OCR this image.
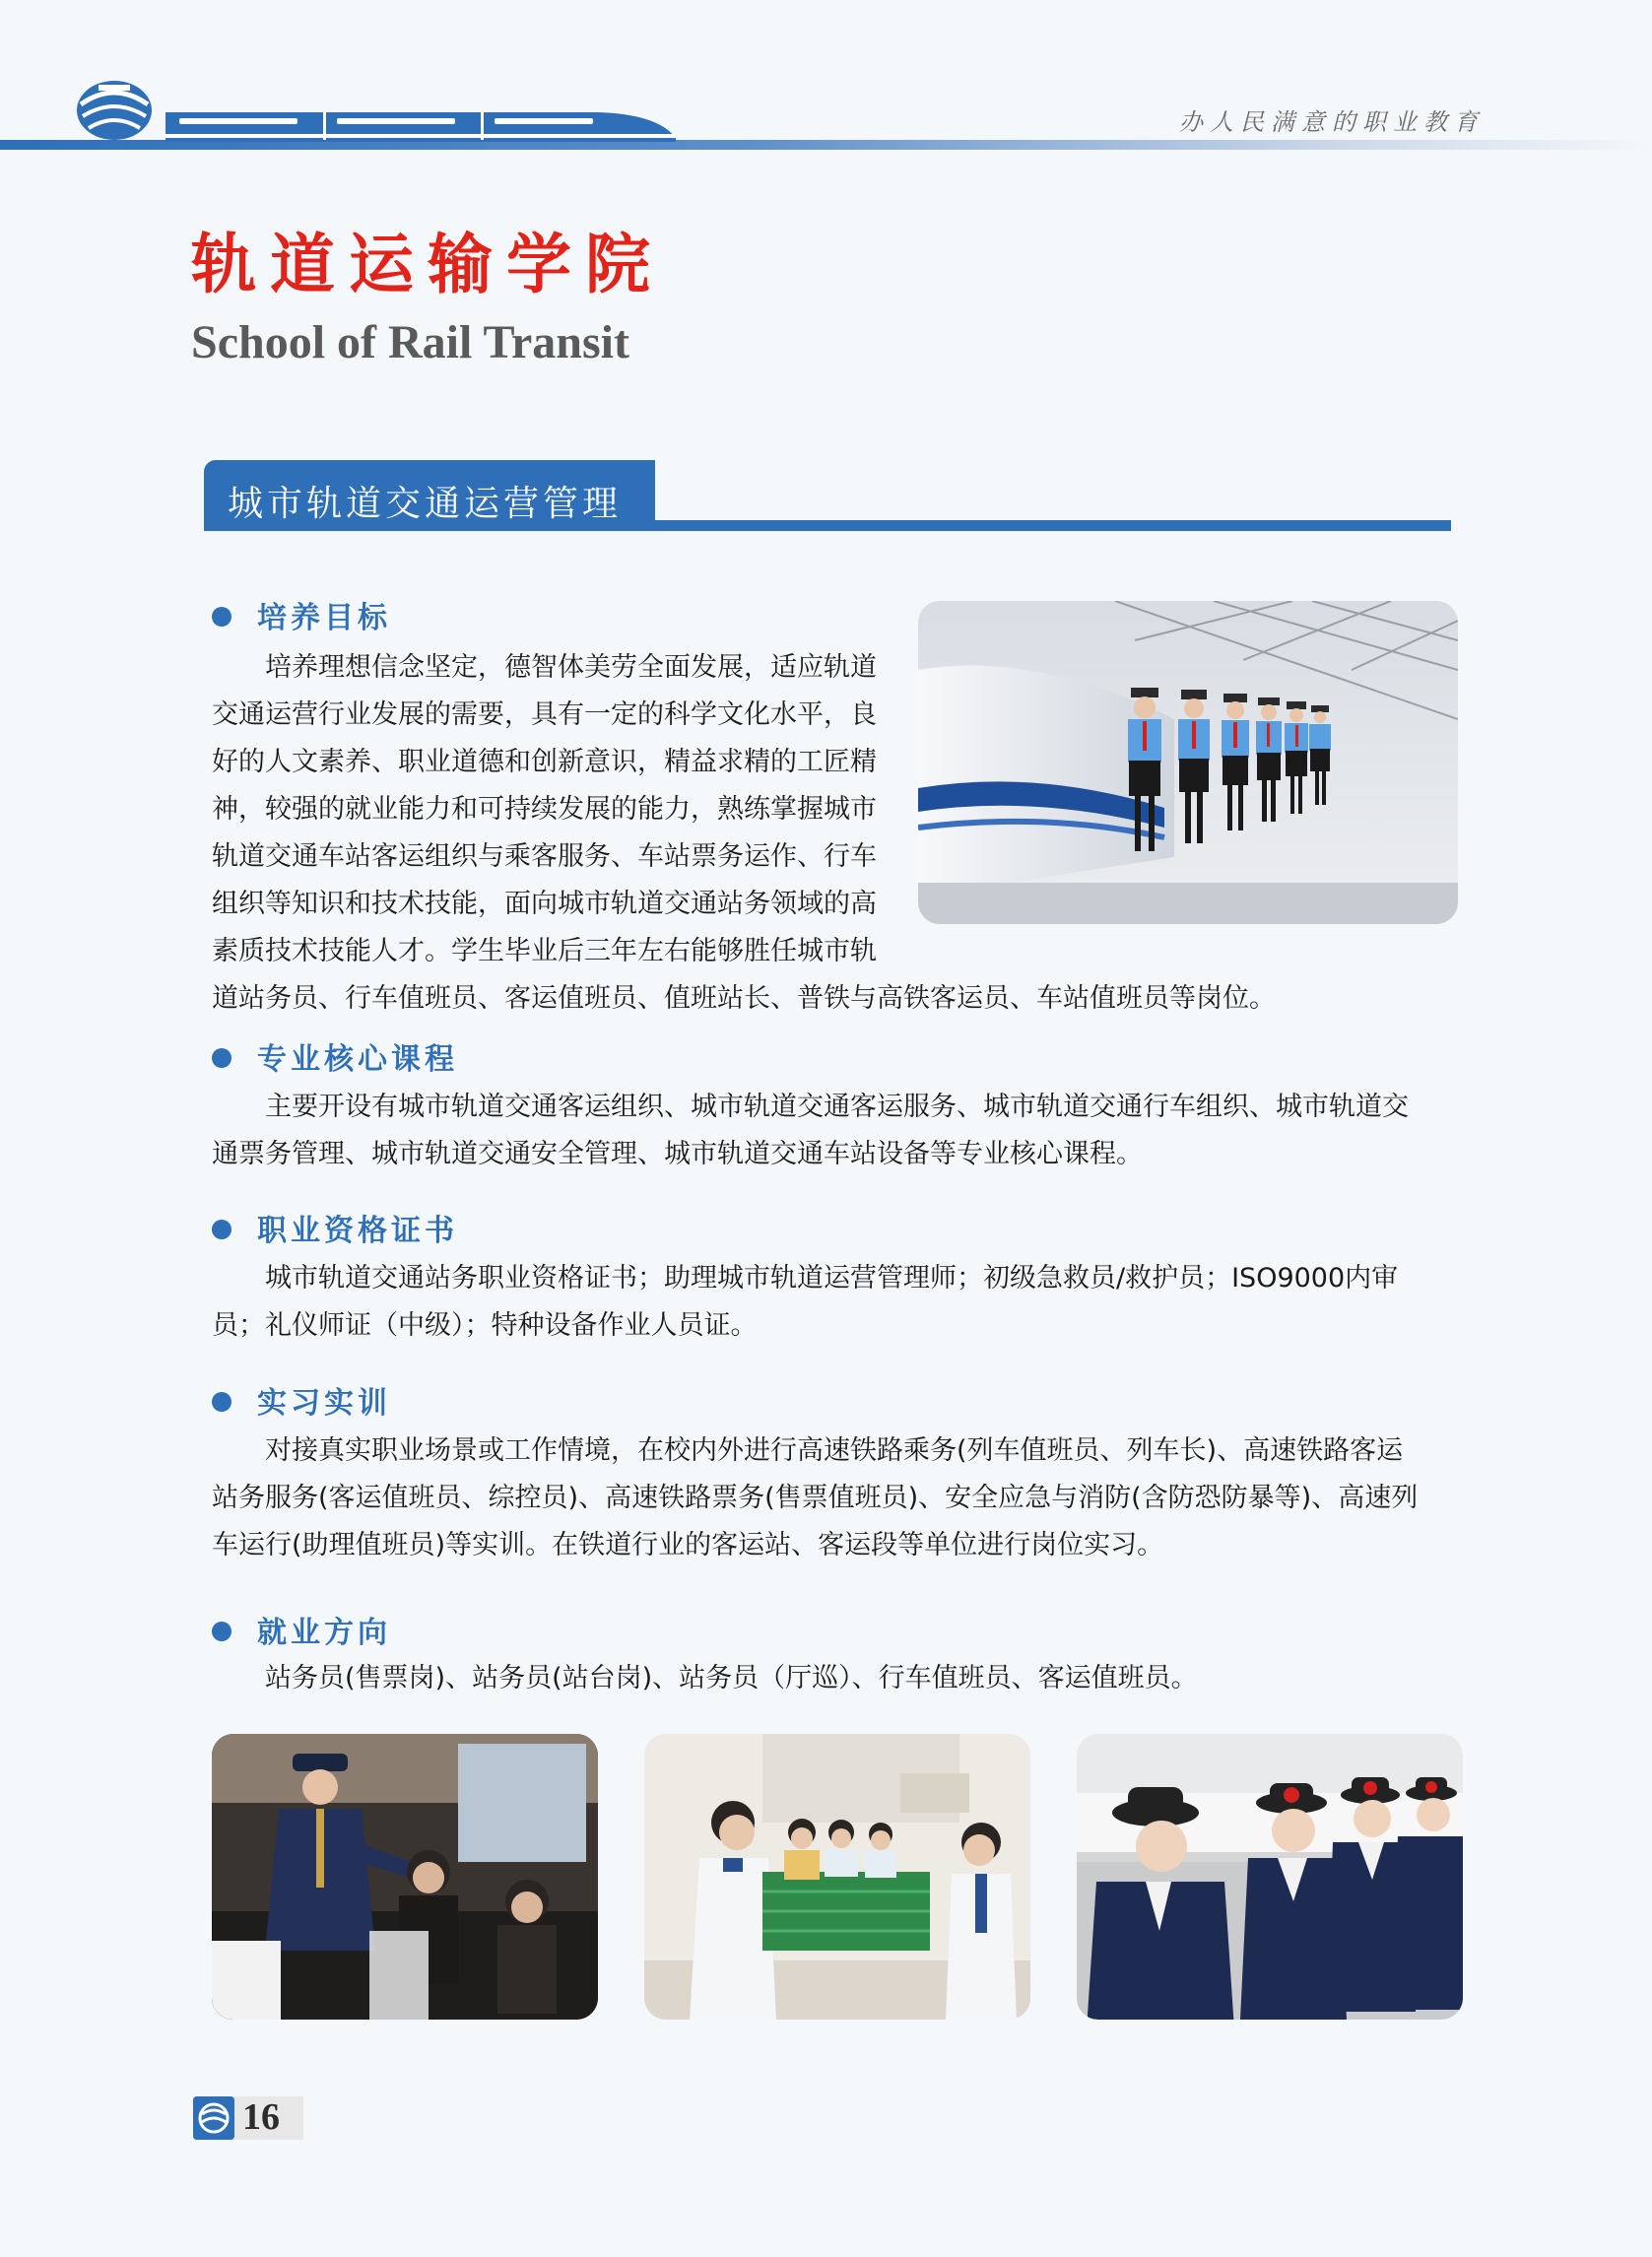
办人民满意的职业教育
轨道运输学院
School of Rail Transit
城市轨道交通运营管理
培养目标
培养理想信念坚定，德智体美劳全面发展，适应轨道
交通运营行业发展的需要，具有一定的科学文化水平，良
好的人文素养、职业道德和创新意识，精益求精的工匠精
神，较强的就业能力和可持续发展的能力，熟练掌握城市
轨道交通车站客运组织与乘客服务、车站票务运作、行车
组织等知识和技术技能，面向城市轨道交通站务领域的高
素质技术技能人才。学生毕业后三年左右能够胜任城市轨
道站务员、行车值班员、客运值班员、值班站长、普铁与高铁客运员、车站值班员等岗位。
专业核心课程
主要开设有城市轨道交通客运组织、城市轨道交通客运服务、城市轨道交通行车组织、城市轨道交
通票务管理、城市轨道交通安全管理、城市轨道交通车站设备等专业核心课程。
职业资格证书
城市轨道交通站务职业资格证书；助理城市轨道运营管理师；初级急救员/救护员；ISO9000内审
员；礼仪师证（中级）；特种设备作业人员证。
实习实训
对接真实职业场景或工作情境，在校内外进行高速铁路乘务(列车值班员、列车长)、高速铁路客运
站务服务(客运值班员、综控员)、高速铁路票务(售票值班员)、安全应急与消防(含防恐防暴等)、高速列
车运行(助理值班员)等实训。在铁道行业的客运站、客运段等单位进行岗位实习。
就业方向
站务员(售票岗)、站务员(站台岗)、站务员（厅巡）、行车值班员、客运值班员。
16
